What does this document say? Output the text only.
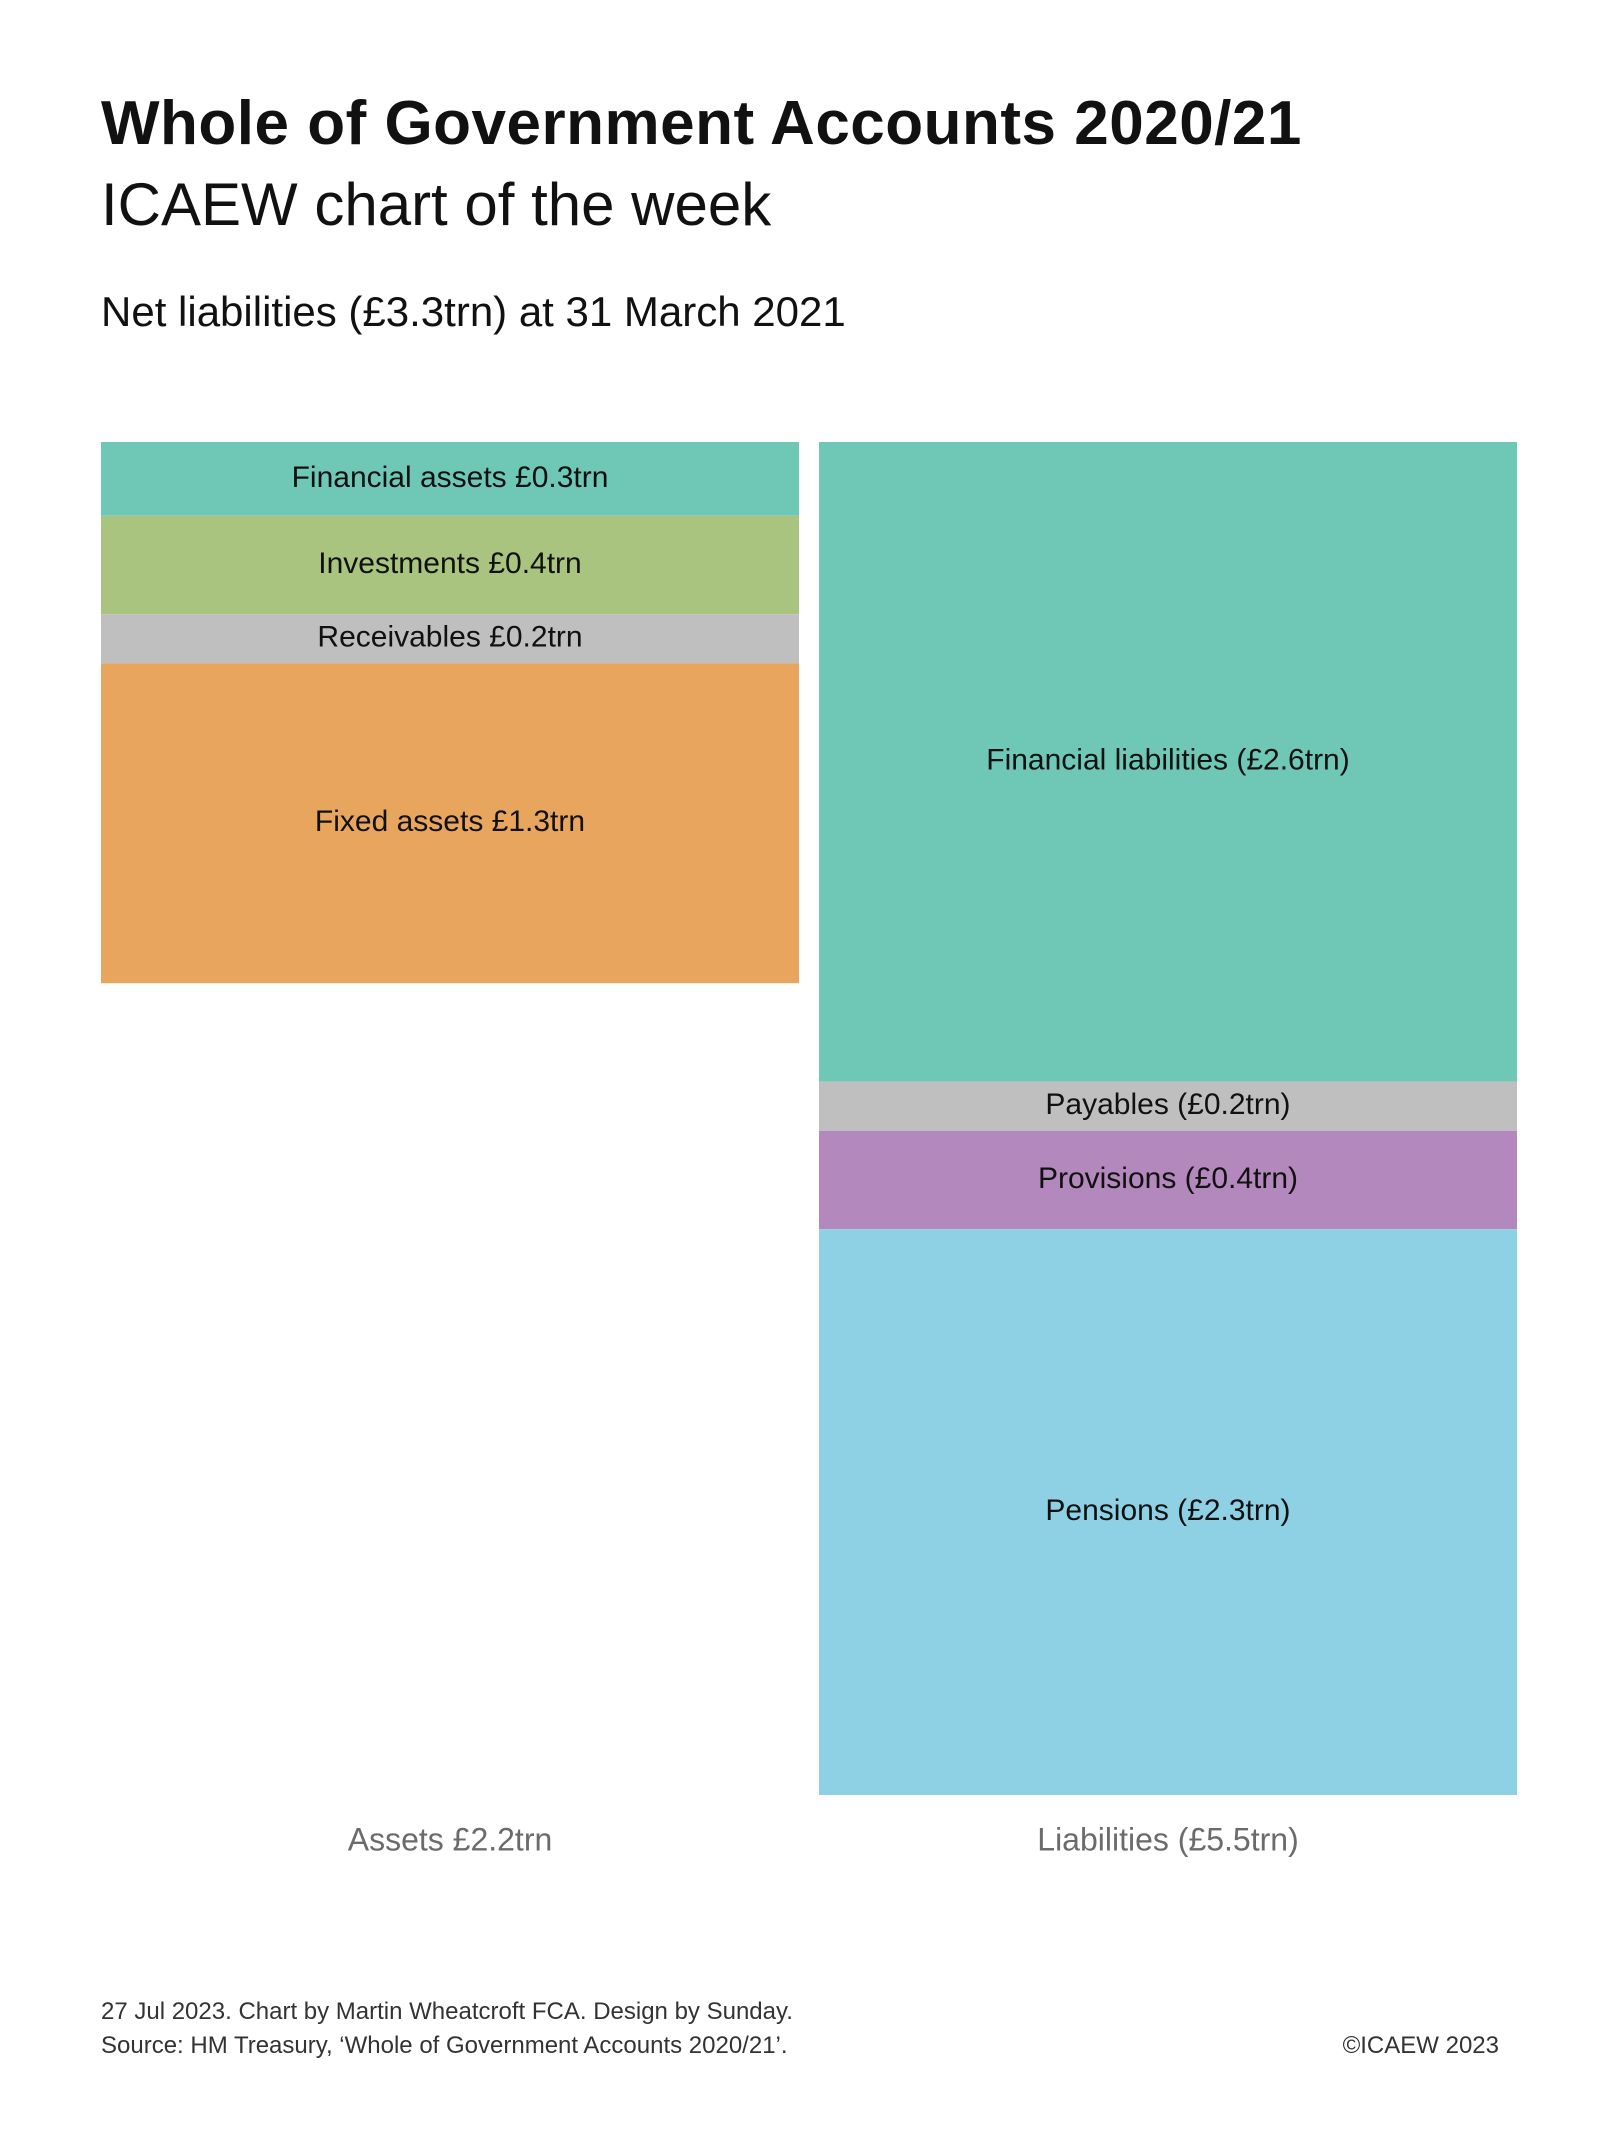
Whole of Government Accounts 2020/21
ICAEW chart of the week
Net liabilities (£3.3trn) at 31 March 2021
Financial assets £0.3trn
Investments £0.4trn
Receivables £0.2trn
Fixed assets £1.3trn
Assets £2.2trn
Financial liabilities (£2.6trn)
Payables (£0.2trn)
Provisions (£0.4trn)
Pensions (£2.3trn)
Liabilities (£5.5trn)
27 Jul 2023. Chart by Martin Wheatcroft FCA. Design by Sunday.
Source: HM Treasury, ‘Whole of Government Accounts 2020/21’.	©ICAEW 2023
